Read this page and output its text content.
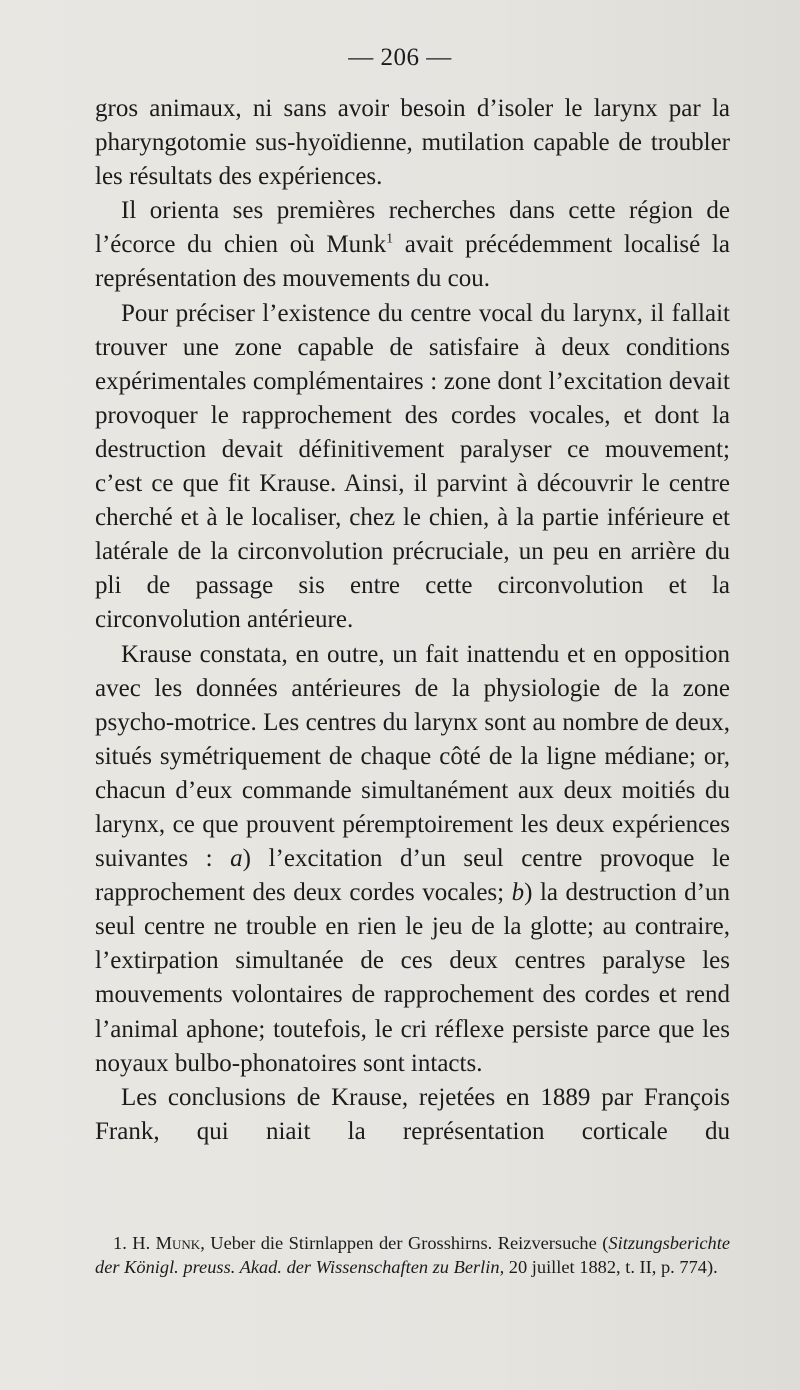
— 206 —

gros animaux, ni sans avoir besoin d’isoler le larynx par la pharyngotomie sus-hyoïdienne, mutilation capable de troubler les résultats des expériences.

Il orienta ses premières recherches dans cette région de l’écorce du chien où Munk$^1$ avait précédemment localisé la représentation des mouvements du cou.

Pour préciser l’existence du centre vocal du larynx, il fallait trouver une zone capable de satisfaire à deux conditions expérimentales complémentaires : zone dont l’excitation devait provoquer le rapprochement des cordes vocales, et dont la destruction devait définitivement paralyser ce mouvement; c’est ce que fit Krause. Ainsi, il parvint à découvrir le centre cherché et à le localiser, chez le chien, à la partie inférieure et latérale de la circonvolution précruciale, un peu en arrière du pli de passage sis entre cette circonvolution et la circonvolution antérieure.

Krause constata, en outre, un fait inattendu et en opposition avec les données antérieures de la physiologie de la zone psycho-motrice. Les centres du larynx sont au nombre de deux, situés symétriquement de chaque côté de la ligne médiane; or, chacun d’eux commande simultanément aux deux moitiés du larynx, ce que prouvent péremptoirement les deux expériences suivantes : a) l’excitation d’un seul centre provoque le rapprochement des deux cordes vocales; b) la destruction d’un seul centre ne trouble en rien le jeu de la glotte; au contraire, l’extirpation simultanée de ces deux centres paralyse les mouvements volontaires de rapprochement des cordes et rend l’animal aphone; toutefois, le cri réflexe persiste parce que les noyaux bulbo-phonatoires sont intacts.

Les conclusions de Krause, rejetées en 1889 par François Frank, qui niait la représentation corticale du

1. H. Munk, Ueber die Stirnlappen der Grosshirns. Reizversuche (Sitzungsberichte der Königl. preuss. Akad. der Wissenschaften zu Berlin, 20 juillet 1882, t. II, p. 774).
